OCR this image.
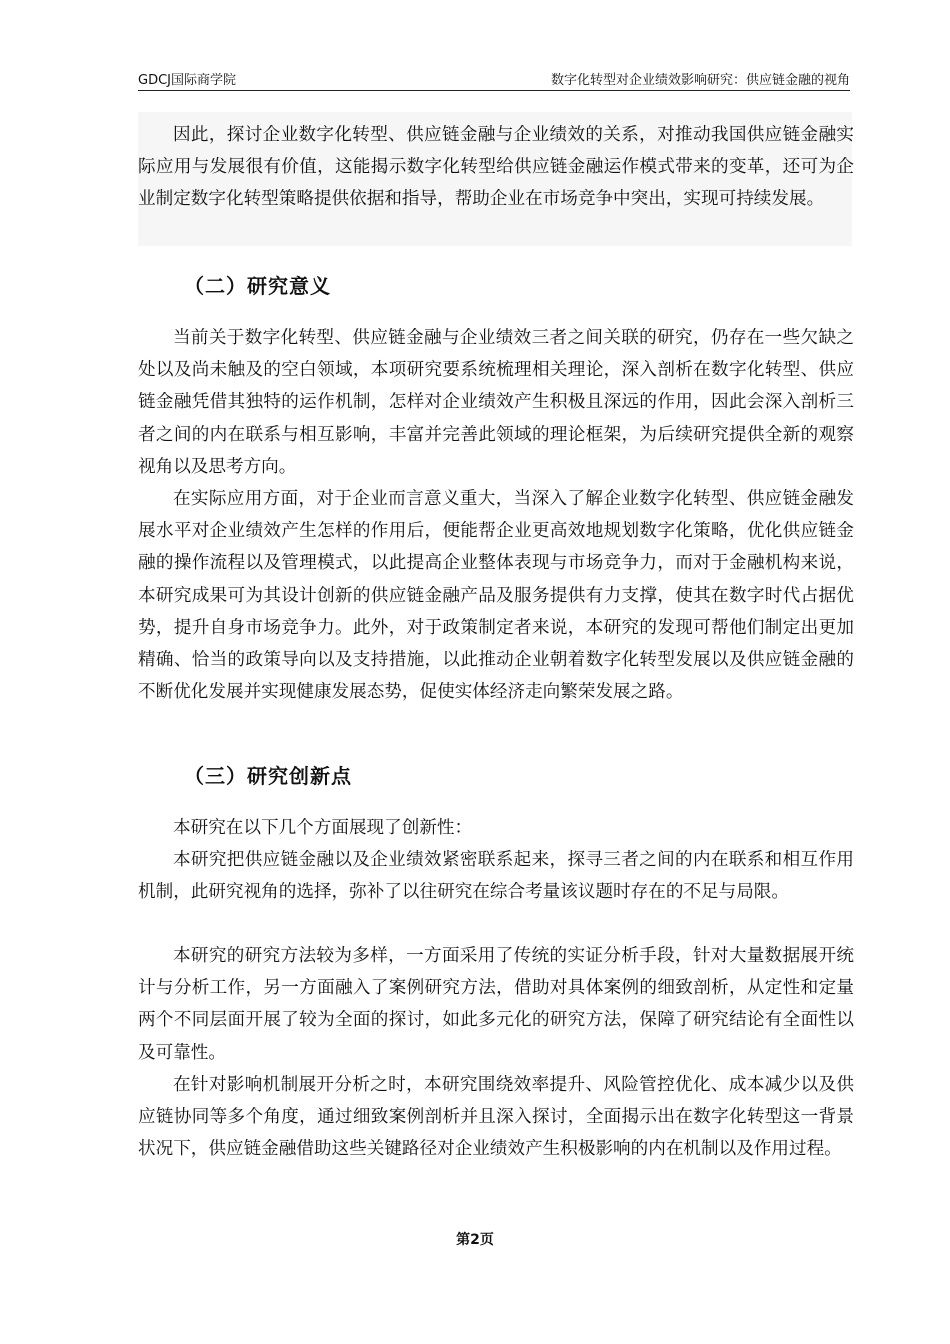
GDCJ国际商学院	数字化转型对企业绩效影响研究：供应链金融的视角
因此，探讨企业数字化转型、供应链金融与企业绩效的关系，对推动我国供应链金融实际应用与发展很有价值，这能揭示数字化转型给供应链金融运作模式带来的变革，还可为企业制定数字化转型策略提供依据和指导，帮助企业在市场竞争中突出，实现可持续发展。
（二）研究意义
当前关于数字化转型、供应链金融与企业绩效三者之间关联的研究，仍存在一些欠缺之处以及尚未触及的空白领域，本项研究要系统梳理相关理论，深入剖析在数字化转型、供应链金融凭借其独特的运作机制，怎样对企业绩效产生积极且深远的作用，因此会深入剖析三者之间的内在联系与相互影响，丰富并完善此领域的理论框架，为后续研究提供全新的观察视角以及思考方向。
在实际应用方面，对于企业而言意义重大，当深入了解企业数字化转型、供应链金融发展水平对企业绩效产生怎样的作用后，便能帮企业更高效地规划数字化策略，优化供应链金融的操作流程以及管理模式，以此提高企业整体表现与市场竞争力，而对于金融机构来说，本研究成果可为其设计创新的供应链金融产品及服务提供有力支撑，使其在数字时代占据优势，提升自身市场竞争力。此外，对于政策制定者来说，本研究的发现可帮他们制定出更加精确、恰当的政策导向以及支持措施，以此推动企业朝着数字化转型发展以及供应链金融的不断优化发展并实现健康发展态势，促使实体经济走向繁荣发展之路。
（三）研究创新点
本研究在以下几个方面展现了创新性：
本研究把供应链金融以及企业绩效紧密联系起来，探寻三者之间的内在联系和相互作用机制，此研究视角的选择，弥补了以往研究在综合考量该议题时存在的不足与局限。
本研究的研究方法较为多样，一方面采用了传统的实证分析手段，针对大量数据展开统计与分析工作，另一方面融入了案例研究方法，借助对具体案例的细致剖析，从定性和定量两个不同层面开展了较为全面的探讨，如此多元化的研究方法，保障了研究结论有全面性以及可靠性。
在针对影响机制展开分析之时，本研究围绕效率提升、风险管控优化、成本减少以及供应链协同等多个角度，通过细致案例剖析并且深入探讨，全面揭示出在数字化转型这一背景状况下，供应链金融借助这些关键路径对企业绩效产生积极影响的内在机制以及作用过程。
第2页
